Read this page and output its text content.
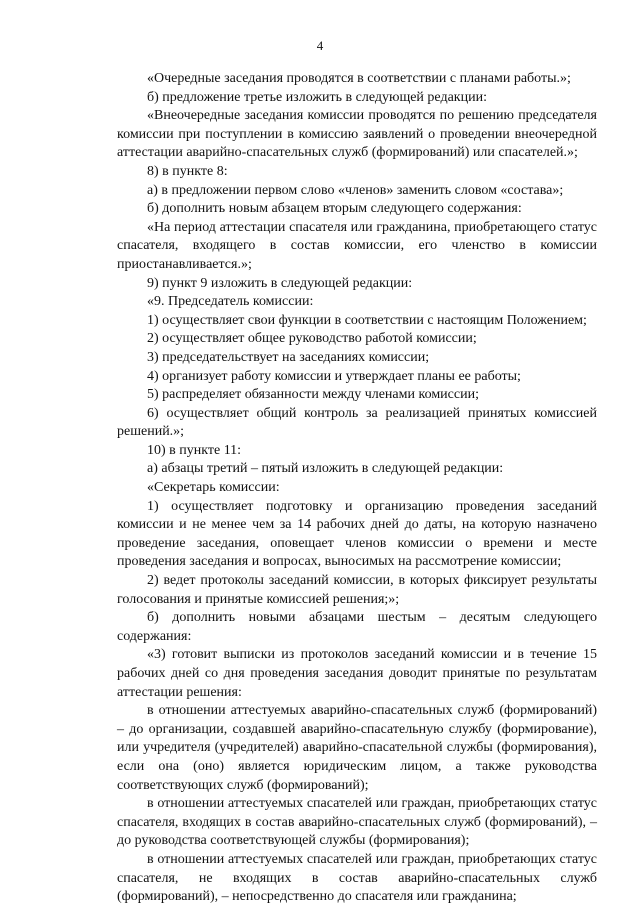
4

«Очередные заседания проводятся в соответствии с планами работы.»;

б) предложение третье изложить в следующей редакции:

«Внеочередные заседания комиссии проводятся по решению председателя комиссии при поступлении в комиссию заявлений о проведении внеочередной аттестации аварийно-спасательных служб (формирований) или спасателей.»;

8) в пункте 8:

а) в предложении первом слово «членов» заменить словом «состава»;

б) дополнить новым абзацем вторым следующего содержания:

«На период аттестации спасателя или гражданина, приобретающего статус спасателя, входящего в состав комиссии, его членство в комиссии приостанавливается.»;

9) пункт 9 изложить в следующей редакции:

«9. Председатель комиссии:

1) осуществляет свои функции в соответствии с настоящим Положением;

2) осуществляет общее руководство работой комиссии;

3) председательствует на заседаниях комиссии;

4) организует работу комиссии и утверждает планы ее работы;

5) распределяет обязанности между членами комиссии;

6) осуществляет общий контроль за реализацией принятых комиссией решений.»;

10) в пункте 11:

а) абзацы третий – пятый изложить в следующей редакции:

«Секретарь комиссии:

1) осуществляет подготовку и организацию проведения заседаний комиссии и не менее чем за 14 рабочих дней до даты, на которую назначено проведение заседания, оповещает членов комиссии о времени и месте проведения заседания и вопросах, выносимых на рассмотрение комиссии;

2) ведет протоколы заседаний комиссии, в которых фиксирует результаты голосования и принятые комиссией решения;»;

б) дополнить новыми абзацами шестым – десятым следующего содержания:

«3) готовит выписки из протоколов заседаний комиссии и в течение 15 рабочих дней со дня проведения заседания доводит принятые по результатам аттестации решения:

в отношении аттестуемых аварийно-спасательных служб (формирований) – до организации, создавшей аварийно-спасательную службу (формирование), или учредителя (учредителей) аварийно-спасательной службы (формирования), если она (оно) является юридическим лицом, а также руководства соответствующих служб (формирований);

в отношении аттестуемых спасателей или граждан, приобретающих статус спасателя, входящих в состав аварийно-спасательных служб (формирований), – до руководства соответствующей службы (формирования);

в отношении аттестуемых спасателей или граждан, приобретающих статус спасателя, не входящих в состав аварийно-спасательных служб (формирований), – непосредственно до спасателя или гражданина;
